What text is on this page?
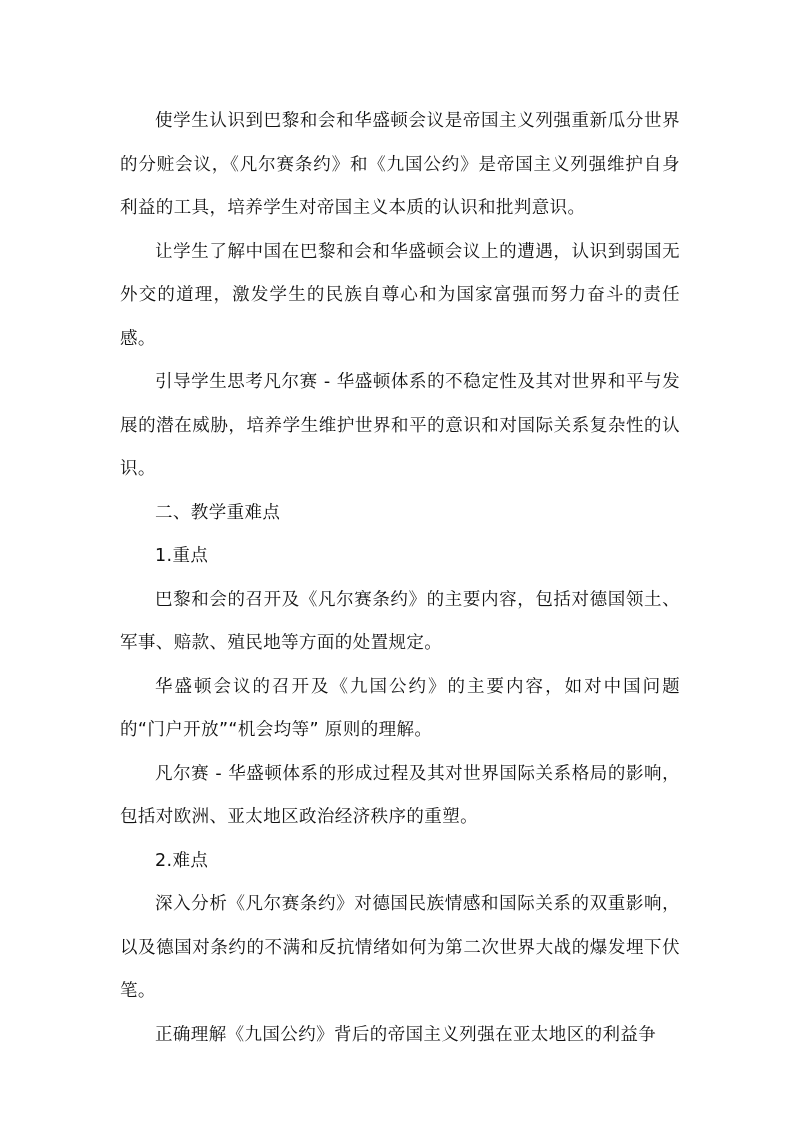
使学生认识到巴黎和会和华盛顿会议是帝国主义列强重新瓜分世界的分赃会议，《凡尔赛条约》和《九国公约》是帝国主义列强维护自身利益的工具，培养学生对帝国主义本质的认识和批判意识。

让学生了解中国在巴黎和会和华盛顿会议上的遭遇，认识到弱国无外交的道理，激发学生的民族自尊心和为国家富强而努力奋斗的责任感。

引导学生思考凡尔赛 - 华盛顿体系的不稳定性及其对世界和平与发展的潜在威胁，培养学生维护世界和平的意识和对国际关系复杂性的认识。

二、教学重难点

1.重点

巴黎和会的召开及《凡尔赛条约》的主要内容，包括对德国领土、军事、赔款、殖民地等方面的处置规定。

华盛顿会议的召开及《九国公约》的主要内容，如对中国问题的“门户开放”“机会均等” 原则的理解。

凡尔赛 - 华盛顿体系的形成过程及其对世界国际关系格局的影响，包括对欧洲、亚太地区政治经济秩序的重塑。

2.难点

深入分析《凡尔赛条约》对德国民族情感和国际关系的双重影响，以及德国对条约的不满和反抗情绪如何为第二次世界大战的爆发埋下伏笔。

正确理解《九国公约》背后的帝国主义列强在亚太地区的利益争
